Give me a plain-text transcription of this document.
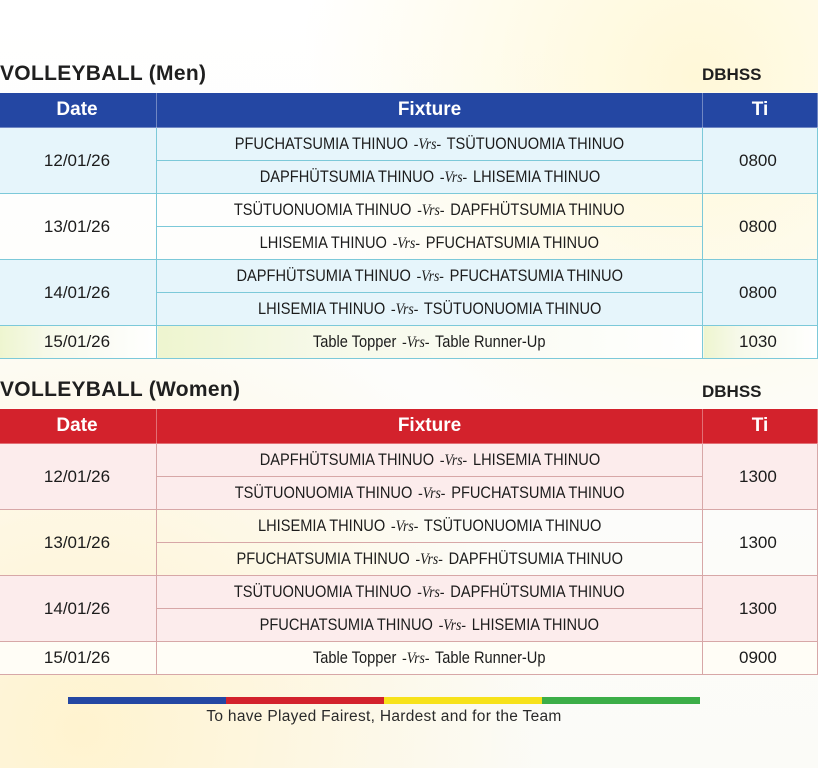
VOLLEYBALL (Men)	DBHSS
Date	Fixture	Ti
12/01/26	PFUCHATSUMIA THINUO -Vrs- TSÜTUONUOMIA THINUO	0800
	DAPFHÜTSUMIA THINUO -Vrs- LHISEMIA THINUO	
13/01/26	TSÜTUONUOMIA THINUO -Vrs- DAPFHÜTSUMIA THINUO	0800
	LHISEMIA THINUO -Vrs- PFUCHATSUMIA THINUO	
14/01/26	DAPFHÜTSUMIA THINUO -Vrs- PFUCHATSUMIA THINUO	0800
	LHISEMIA THINUO -Vrs- TSÜTUONUOMIA THINUO	
15/01/26	Table Topper -Vrs- Table Runner-Up	1030
VOLLEYBALL (Women)	DBHSS
Date	Fixture	Ti
12/01/26	DAPFHÜTSUMIA THINUO -Vrs- LHISEMIA THINUO	1300
	TSÜTUONUOMIA THINUO -Vrs- PFUCHATSUMIA THINUO	
13/01/26	LHISEMIA THINUO -Vrs- TSÜTUONUOMIA THINUO	1300
	PFUCHATSUMIA THINUO -Vrs- DAPFHÜTSUMIA THINUO	
14/01/26	TSÜTUONUOMIA THINUO -Vrs- DAPFHÜTSUMIA THINUO	1300
	PFUCHATSUMIA THINUO -Vrs- LHISEMIA THINUO	
15/01/26	Table Topper -Vrs- Table Runner-Up	0900
To have Played Fairest, Hardest and for the Team
